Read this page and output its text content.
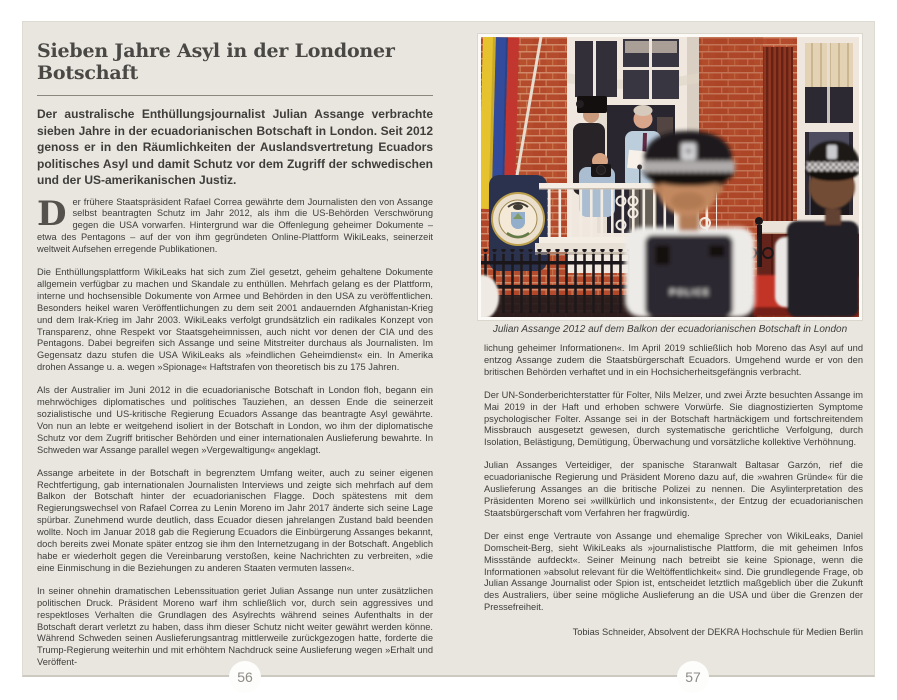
Sieben Jahre Asyl in der Londoner Botschaft

Der australische Enthüllungsjournalist Julian Assange verbrachte sieben Jahre in der ecuadorianischen Botschaft in London. Seit 2012 genoss er in den Räumlichkeiten der Auslandsvertretung Ecuadors politisches Asyl und damit Schutz vor dem Zugriff der schwedischen und der US-amerikanischen Justiz.

Der frühere Staatspräsident Rafael Correa gewährte dem Journalisten den von Assange selbst beantragten Schutz im Jahr 2012, als ihm die US-Behörden Verschwörung gegen die USA vorwarfen. Hintergrund war die Offenlegung geheimer Dokumente – etwa des Pentagons – auf der von ihm gegründeten Online-Plattform WikiLeaks, seinerzeit weltweit Aufsehen erregende Publikationen.

Die Enthüllungsplattform WikiLeaks hat sich zum Ziel gesetzt, geheim gehaltene Dokumente allgemein verfügbar zu machen und Skandale zu enthüllen. Mehrfach gelang es der Plattform, interne und hochsensible Dokumente von Armee und Behörden in den USA zu veröffentlichen. Besonders heikel waren Veröffentlichungen zu dem seit 2001 andauernden Afghanistan-Krieg und dem Irak-Krieg im Jahr 2003. WikiLeaks verfolgt grundsätzlich ein radikales Konzept von Transparenz, ohne Respekt vor Staatsgeheimnissen, auch nicht vor denen der CIA und des Pentagons. Dabei begreifen sich Assange und seine Mitstreiter durchaus als Journalisten. Im Gegensatz dazu stufen die USA WikiLeaks als »feindlichen Geheimdienst« ein. In Amerika drohen Assange u. a. wegen »Spionage« Haftstrafen von theoretisch bis zu 175 Jahren.

Als der Australier im Juni 2012 in die ecuadorianische Botschaft in London floh, begann ein mehrwöchiges diplomatisches und politisches Tauziehen, an dessen Ende die seinerzeit sozialistische und US-kritische Regierung Ecuadors Assange das beantragte Asyl gewährte. Von nun an lebte er weitgehend isoliert in der Botschaft in London, wo ihm der diplomatische Schutz vor dem Zugriff britischer Behörden und einer internationalen Auslieferung bewahrte. In Schweden war Assange parallel wegen »Vergewaltigung« angeklagt.

Assange arbeitete in der Botschaft in begrenztem Umfang weiter, auch zu seiner eigenen Rechtfertigung, gab internationalen Journalisten Interviews und zeigte sich mehrfach auf dem Balkon der Botschaft hinter der ecuadorianischen Flagge. Doch spätestens mit dem Regierungswechsel von Rafael Correa zu Lenin Moreno im Jahr 2017 änderte sich seine Lage spürbar. Zunehmend wurde deutlich, dass Ecuador diesen jahrelangen Zustand bald beenden wollte. Noch im Januar 2018 gab die Regierung Ecuadors die Einbürgerung Assanges bekannt, doch bereits zwei Monate später entzog sie ihm den Internetzugang in der Botschaft. Angeblich habe er wiederholt gegen die Vereinbarung verstoßen, keine Nachrichten zu verbreiten, »die eine Einmischung in die Beziehungen zu anderen Staaten vermuten lassen«.

In seiner ohnehin dramatischen Lebenssituation geriet Julian Assange nun unter zusätzlichen politischen Druck. Präsident Moreno warf ihm schließlich vor, durch sein aggressives und respektloses Verhalten die Grundlagen des Asylrechts während seines Aufenthalts in der Botschaft derart verletzt zu haben, dass ihm dieser Schutz nicht weiter gewährt werden könne. Während Schweden seinen Auslieferungsantrag mittlerweile zurückgezogen hatte, forderte die Trump-Regierung weiterhin und mit erhöhtem Nachdruck seine Auslieferung wegen »Erhalt und Veröffent-

POLICE
Julian Assange 2012 auf dem Balkon der ecuadorianischen Botschaft in London

lichung geheimer Informationen«. Im April 2019 schließlich hob Moreno das Asyl auf und entzog Assange zudem die Staatsbürgerschaft Ecuadors. Umgehend wurde er von den britischen Behörden verhaftet und in ein Hochsicherheitsgefängnis verbracht.

Der UN-Sonderberichterstatter für Folter, Nils Melzer, und zwei Ärzte besuchten Assange im Mai 2019 in der Haft und erhoben schwere Vorwürfe. Sie diagnostizierten Symptome psychologischer Folter. Assange sei in der Botschaft hartnäckigem und fortschreitendem Missbrauch ausgesetzt gewesen, durch systematische gerichtliche Verfolgung, durch Isolation, Belästigung, Demütigung, Überwachung und vorsätzliche kollektive Verhöhnung.

Julian Assanges Verteidiger, der spanische Staranwalt Baltasar Garzón, rief die ecuadorianische Regierung und Präsident Moreno dazu auf, die »wahren Gründe« für die Auslieferung Assanges an die britische Polizei zu nennen. Die Asylinterpretation des Präsidenten Moreno sei »willkürlich und inkonsistent«, der Entzug der ecuadorianischen Staatsbürgerschaft vom Verfahren her fragwürdig.

Der einst enge Vertraute von Assange und ehemalige Sprecher von WikiLeaks, Daniel Domscheit-Berg, sieht WikiLeaks als »journalistische Plattform, die mit geheimen Infos Missstände aufdeckt«. Seiner Meinung nach betreibt sie keine Spionage, wenn die Informationen »absolut relevant für die Weltöffentlichkeit« sind. Die grundlegende Frage, ob Julian Assange Journalist oder Spion ist, entscheidet letztlich maßgeblich über die Zukunft des Australiers, über seine mögliche Auslieferung an die USA und über die Grenzen der Pressefreiheit.

Tobias Schneider, Absolvent der DEKRA Hochschule für Medien Berlin

56	57
